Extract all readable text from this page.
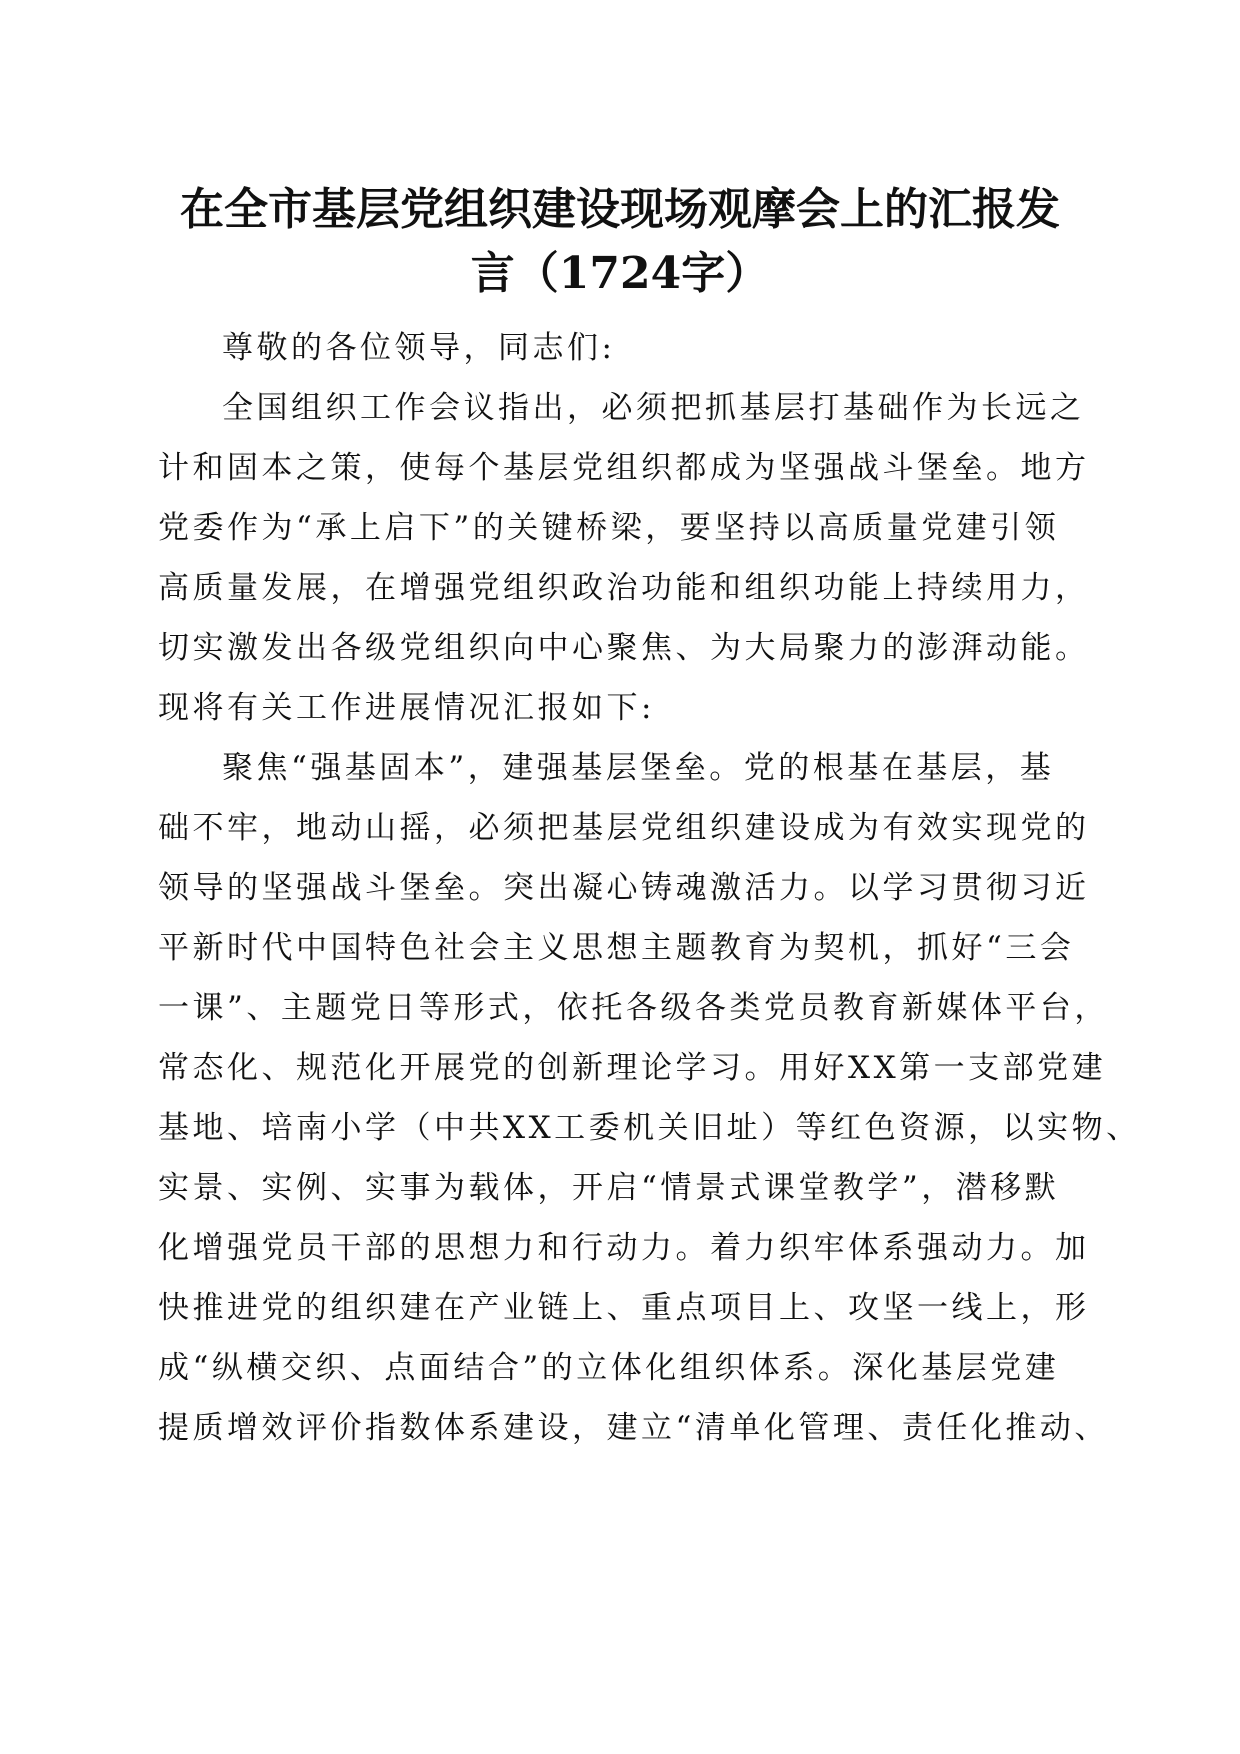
在全市基层党组织建设现场观摩会上的汇报发
言（1724字）
尊敬的各位领导，同志们:
全国组织工作会议指出，必须把抓基层打基础作为长远之
计和固本之策，使每个基层党组织都成为坚强战斗堡垒。地方
党委作为“承上启下”的关键桥梁，要坚持以高质量党建引领
高质量发展，在增强党组织政治功能和组织功能上持续用力，
切实激发出各级党组织向中心聚焦、为大局聚力的澎湃动能。
现将有关工作进展情况汇报如下:
聚焦“强基固本”，建强基层堡垒。党的根基在基层，基
础不牢，地动山摇，必须把基层党组织建设成为有效实现党的
领导的坚强战斗堡垒。突出凝心铸魂激活力。以学习贯彻习近
平新时代中国特色社会主义思想主题教育为契机，抓好“三会
一课”、主题党日等形式，依托各级各类党员教育新媒体平台，
常态化、规范化开展党的创新理论学习。用好XX第一支部党建
基地、培南小学（中共XX工委机关旧址）等红色资源，以实物、
实景、实例、实事为载体，开启“情景式课堂教学”，潜移默
化增强党员干部的思想力和行动力。着力织牢体系强动力。加
快推进党的组织建在产业链上、重点项目上、攻坚一线上，形
成“纵横交织、点面结合”的立体化组织体系。深化基层党建
提质增效评价指数体系建设，建立“清单化管理、责任化推动、
